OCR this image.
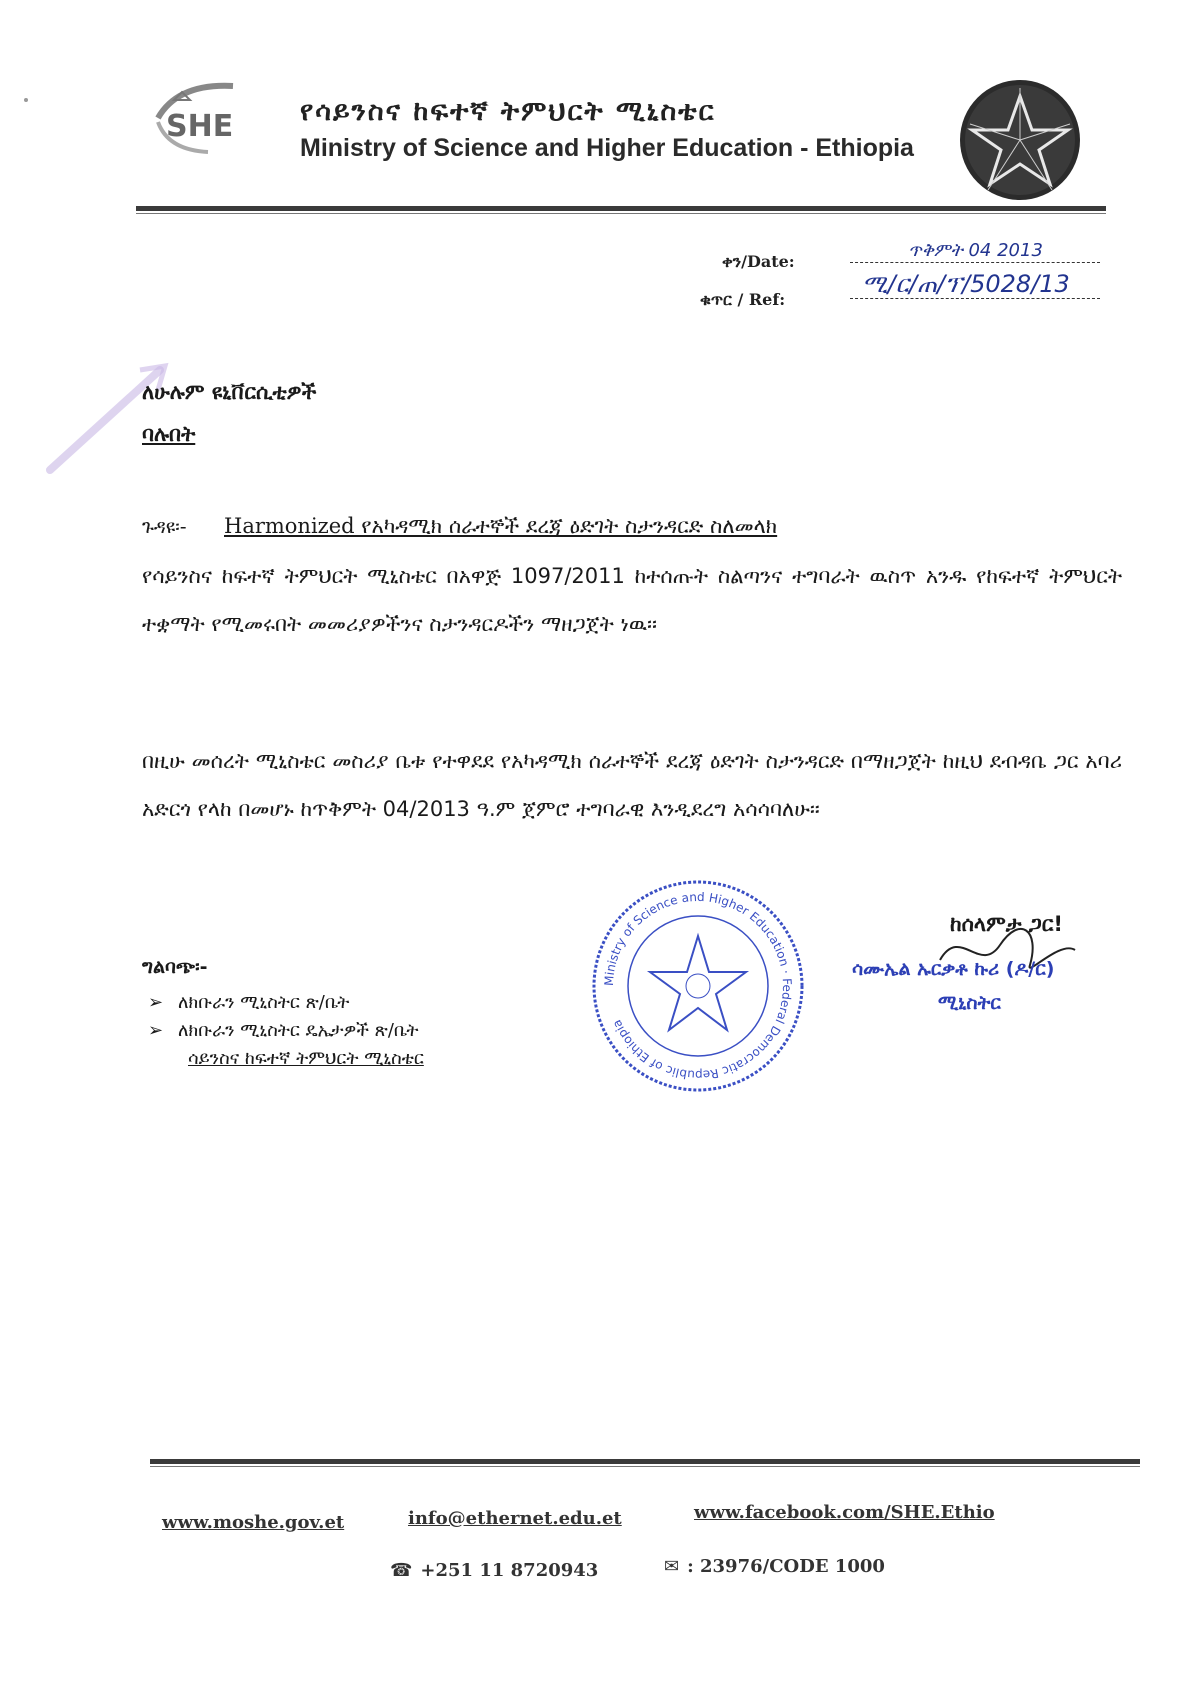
SHE የሳይንስና ከፍተኛ ትምህርት ሚኒስቴር
Ministry of Science and Higher Education - Ethiopia
ቀን/Date:
ጥቅምት 04 2013
ቁጥር / Ref:
ሚ/ር/ጠ/ፕ/5028/13
ለሁሉም ዩኒቨርሲቲዎች
ባሉበት
ጉዳዩ፡- Harmonized የአካዳሚክ ሰራተኞች ደረጃ ዕድገት ስታንዳርድ ስለመላክ
የሳይንስና ከፍተኛ ትምህርት ሚኒስቴር በአዋጅ 1097/2011 ከተሰጡት ስልጣንና ተግባራት ዉስጥ አንዱ የከፍተኛ ትምህርት ተቋማት የሚመሩበት መመሪያዎችንና ስታንዳርዶችን ማዘጋጀት ነዉ፡፡
በዚሁ መሰረት ሚኒስቴር መስሪያ ቤቱ የተዋደደ የአካዳሚክ ሰራተኞች ደረጃ ዕድገት ስታንዳርድ በማዘጋጀት ከዚህ ደብዳቤ ጋር አባሪ አድርጎ የላከ በመሆኑ ከጥቅምት 04/2013 ዓ.ም ጀምሮ ተግባራዊ እንዲደረግ አሳሳባለሁ፡፡
Ministry of Science and Higher Education · Federal Democratic Republic of Ethiopia
ከሰላምታ ጋር!
ሳሙኤል ኡርቃቶ ኩሪ (ዶ/ር)
ሚኒስትር
ግልባጭ፡-
➢ ለክቡራን ሚኒስትር ጽ/ቤት
➢ ለክቡራን ሚኒስትር ዴኤታዎች ጽ/ቤት
ሳይንስና ከፍተኛ ትምህርት ሚኒስቴር
www.moshe.gov.et	info@ethernet.edu.et	www.facebook.com/SHE.Ethio
☎ +251 11 8720943	✉ : 23976/CODE 1000
